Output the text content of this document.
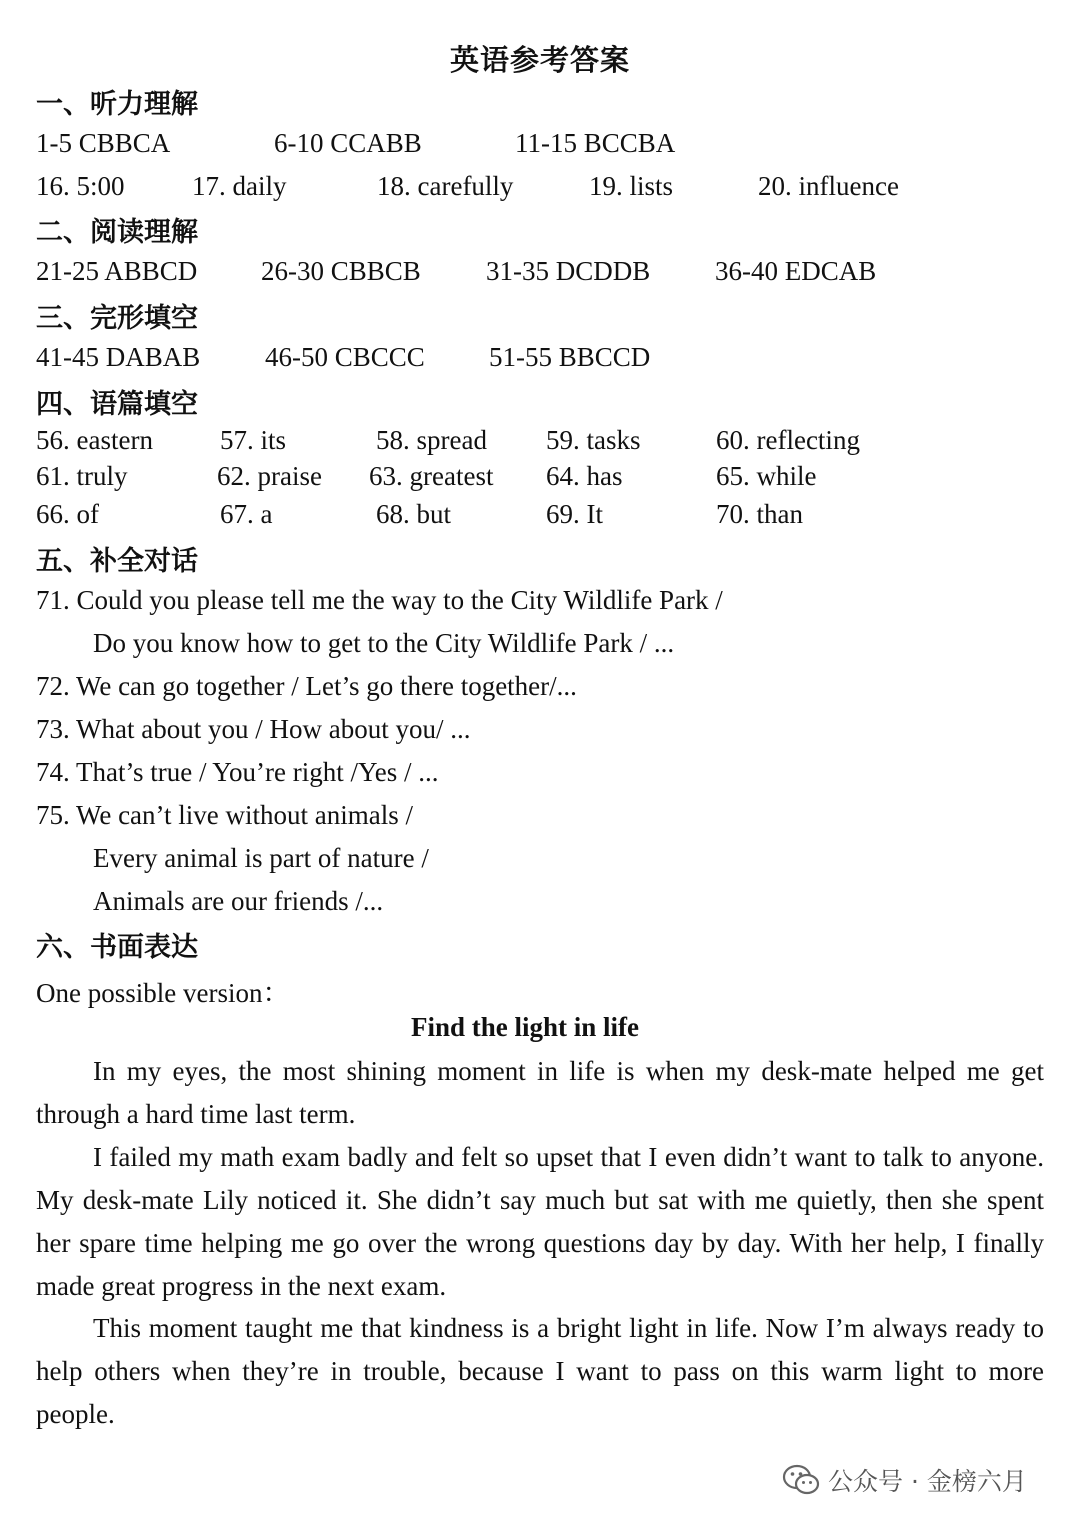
英语参考答案
一、听力理解
1-5 CBBCA	6-10 CCABB	11-15 BCCBA
16. 5:00 17. daily	18. carefully	19. lists	20. influence
二、阅读理解
21-25 ABBCD 26-30 CBBCB 31-35 DCDDB 36-40 EDCAB
三、完形填空
41-45 DABAB 46-50 CBCCC 51-55 BBCCD
四、语篇填空
56. eastern 57. its	58. spread 59. tasks	60. reflecting
61. truly	62. praise 63. greatest 64. has	65. while
66. of	67. a	68. but	69. It	70. than
五、补全对话
71. Could you please tell me the way to the City Wildlife Park /
Do you know how to get to the City Wildlife Park / ...
72. We can go together / Let’s go there together/...
73. What about you / How about you/ ...
74. That’s true / You’re right /Yes / ...
75. We can’t live without animals /
Every animal is part of nature /
Animals are our friends /...
六、书面表达
One possible version：
Find the light in life

In my eyes, the most shining moment in life is when my desk-mate helped me get through a hard time last term.

I failed my math exam badly and felt so upset that I even didn’t want to talk to anyone. My desk-mate Lily noticed it. She didn’t say much but sat with me quietly, then she spent her spare time helping me go over the wrong questions day by day. With her help, I finally made great progress in the next exam.

This moment taught me that kindness is a bright light in life. Now I’m always ready to help others when they’re in trouble, because I want to pass on this warm light to more people.

公众号 · 金榜六月
